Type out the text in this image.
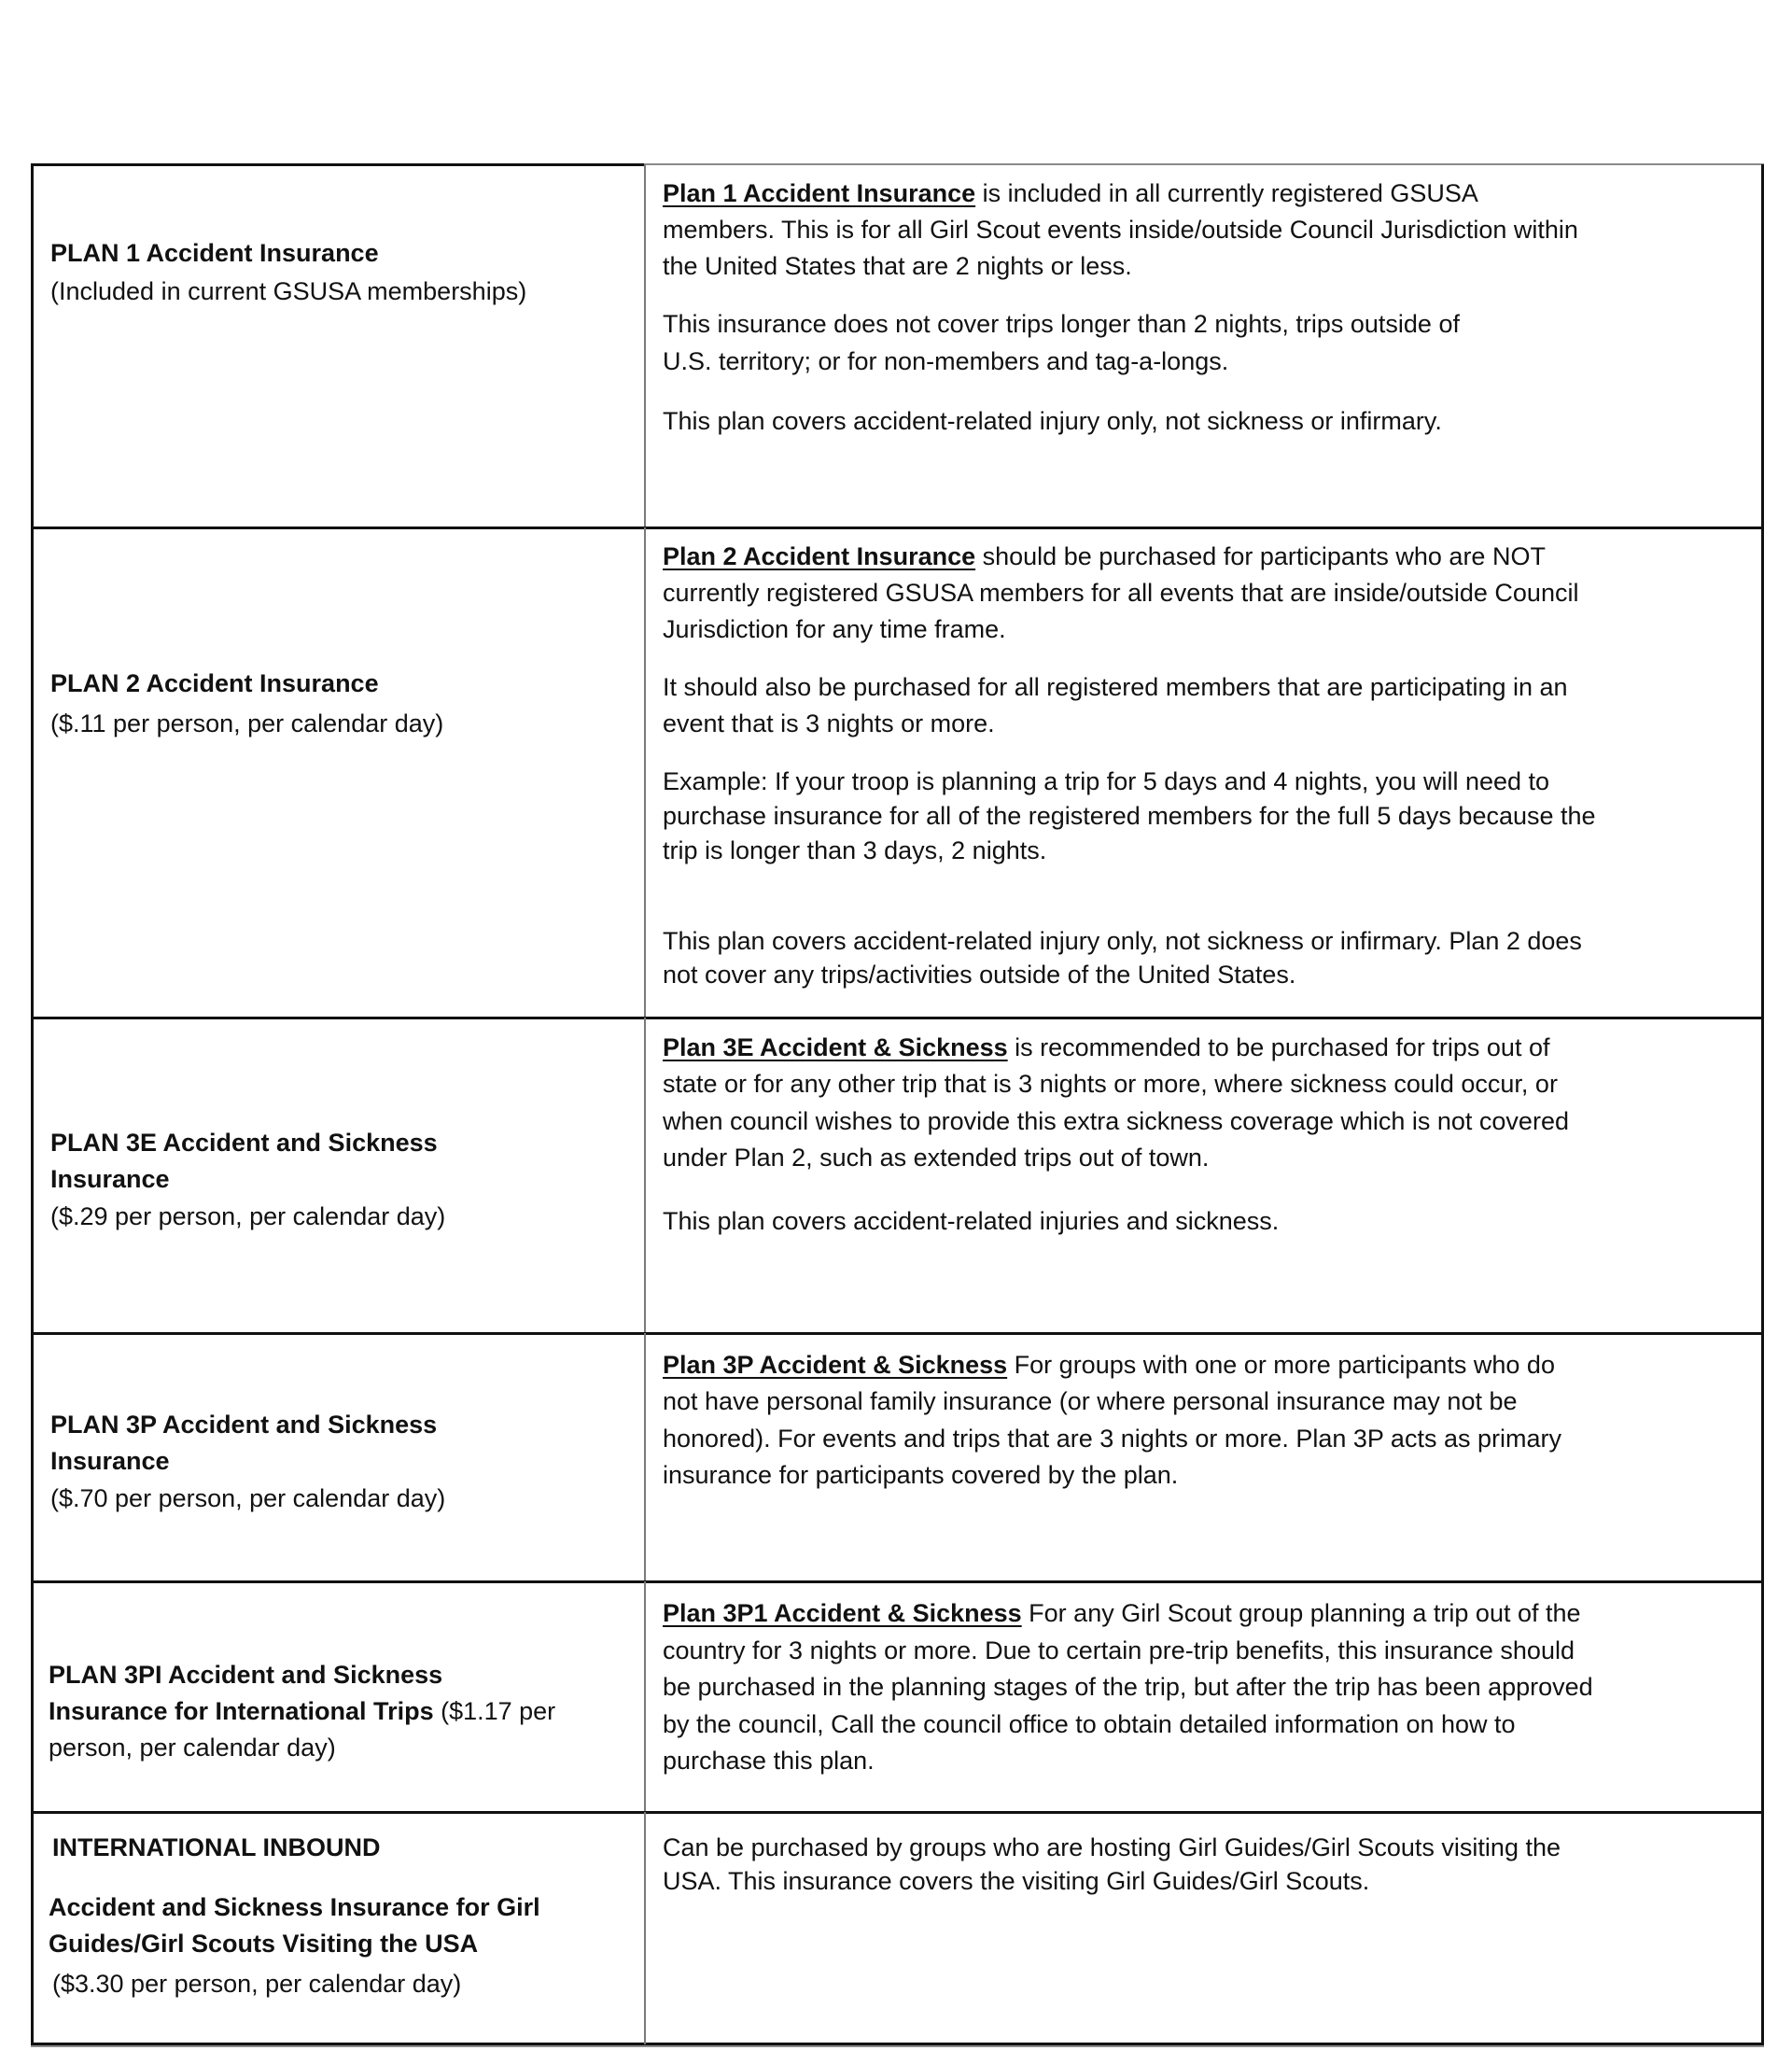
PLAN 1 Accident Insurance
(Included in current GSUSA memberships)
Plan 1 Accident Insurance is included in all currently registered GSUSA
members. This is for all Girl Scout events inside/outside Council Jurisdiction within
the United States that are 2 nights or less.
This insurance does not cover trips longer than 2 nights, trips outside of
U.S. territory; or for non-members and tag-a-longs.
This plan covers accident-related injury only, not sickness or infirmary.
PLAN 2 Accident Insurance
($.11 per person, per calendar day)
Plan 2 Accident Insurance should be purchased for participants who are NOT
currently registered GSUSA members for all events that are inside/outside Council
Jurisdiction for any time frame.
It should also be purchased for all registered members that are participating in an
event that is 3 nights or more.
Example: If your troop is planning a trip for 5 days and 4 nights, you will need to
purchase insurance for all of the registered members for the full 5 days because the
trip is longer than 3 days, 2 nights.
This plan covers accident-related injury only, not sickness or infirmary. Plan 2 does
not cover any trips/activities outside of the United States.
PLAN 3E Accident and Sickness
Insurance
($.29 per person, per calendar day)
Plan 3E Accident & Sickness is recommended to be purchased for trips out of
state or for any other trip that is 3 nights or more, where sickness could occur, or
when council wishes to provide this extra sickness coverage which is not covered
under Plan 2, such as extended trips out of town.
This plan covers accident-related injuries and sickness.
PLAN 3P Accident and Sickness
Insurance
($.70 per person, per calendar day)
Plan 3P Accident & Sickness For groups with one or more participants who do
not have personal family insurance (or where personal insurance may not be
honored). For events and trips that are 3 nights or more. Plan 3P acts as primary
insurance for participants covered by the plan.
PLAN 3PI Accident and Sickness
Insurance for International Trips ($1.17 per
person, per calendar day)
Plan 3P1 Accident & Sickness For any Girl Scout group planning a trip out of the
country for 3 nights or more. Due to certain pre-trip benefits, this insurance should
be purchased in the planning stages of the trip, but after the trip has been approved
by the council, Call the council office to obtain detailed information on how to
purchase this plan.
INTERNATIONAL INBOUND
Accident and Sickness Insurance for Girl
Guides/Girl Scouts Visiting the USA
($3.30 per person, per calendar day)
Can be purchased by groups who are hosting Girl Guides/Girl Scouts visiting the
USA. This insurance covers the visiting Girl Guides/Girl Scouts.
